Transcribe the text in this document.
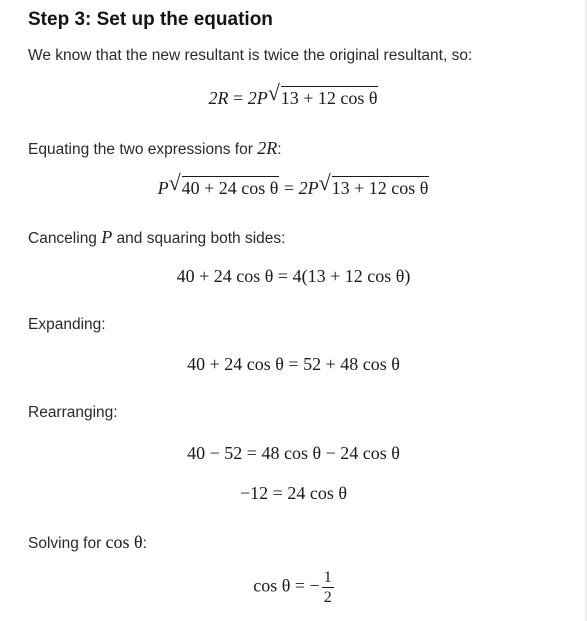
Step 3: Set up the equation
We know that the new resultant is twice the original resultant, so:
2R = 2P √ 13 + 12 cos θ
Equating the two expressions for 2R:
P √ 40 + 24 cos θ = 2P √ 13 + 12 cos θ
Canceling P and squaring both sides:
40 + 24 cos θ = 4(13 + 12 cos θ)
Expanding:
40 + 24 cos θ = 52 + 48 cos θ
Rearranging:
40 − 52 = 48 cos θ − 24 cos θ
−12 = 24 cos θ
Solving for cos θ:
cos θ = − $\frac{1}{2}$
